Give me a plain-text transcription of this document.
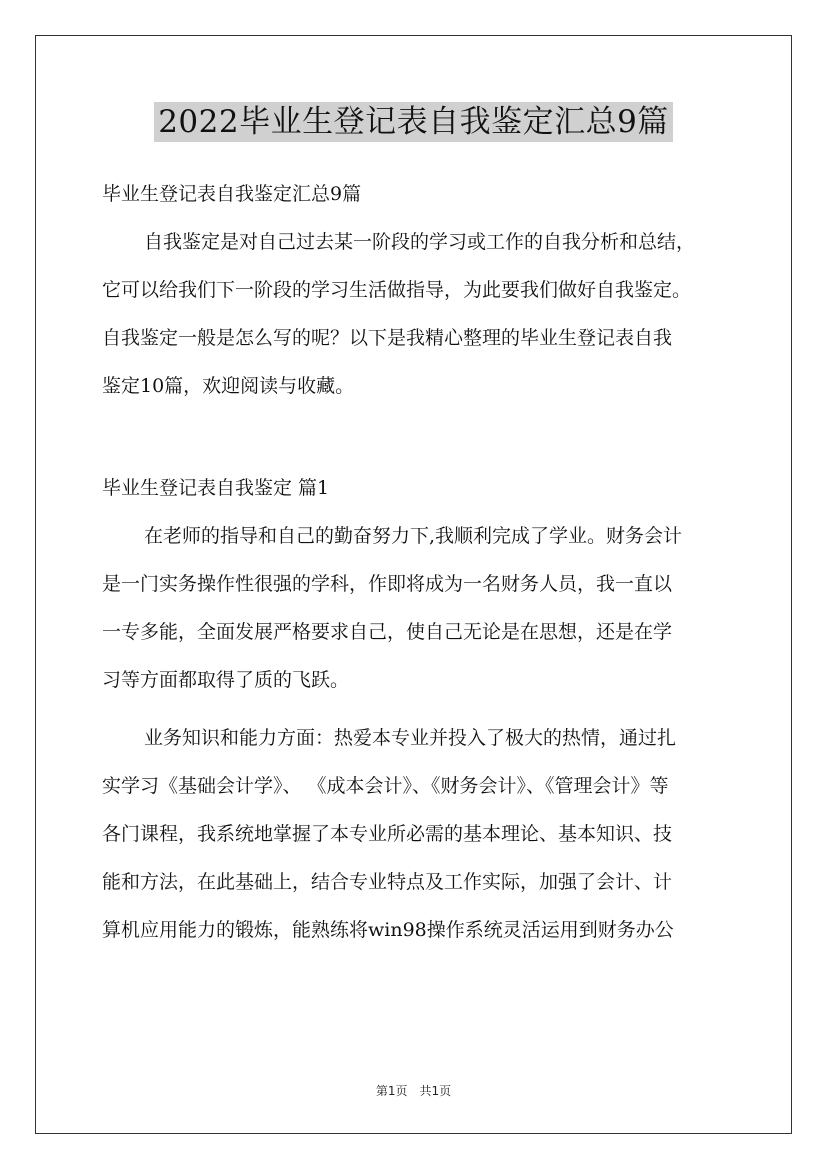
2022毕业生登记表自我鉴定汇总9篇

毕业生登记表自我鉴定汇总9篇

自我鉴定是对自己过去某一阶段的学习或工作的自我分析和总结，

它可以给我们下一阶段的学习生活做指导，为此要我们做好自我鉴定。

自我鉴定一般是怎么写的呢？以下是我精心整理的毕业生登记表自我

鉴定10篇，欢迎阅读与收藏。

毕业生登记表自我鉴定 篇1

在老师的指导和自己的勤奋努力下,我顺利完成了学业。财务会计

是一门实务操作性很强的学科，作即将成为一名财务人员，我一直以

一专多能，全面发展严格要求自己，使自己无论是在思想，还是在学

习等方面都取得了质的飞跃。

业务知识和能力方面：热爱本专业并投入了极大的热情，通过扎

实学习《基础会计学》、 《成本会计》、《财务会计》、《管理会计》等

各门课程，我系统地掌握了本专业所必需的基本理论、基本知识、技

能和方法，在此基础上，结合专业特点及工作实际，加强了会计、计

算机应用能力的锻炼，能熟练将win98操作系统灵活运用到财务办公

第1页　共1页
